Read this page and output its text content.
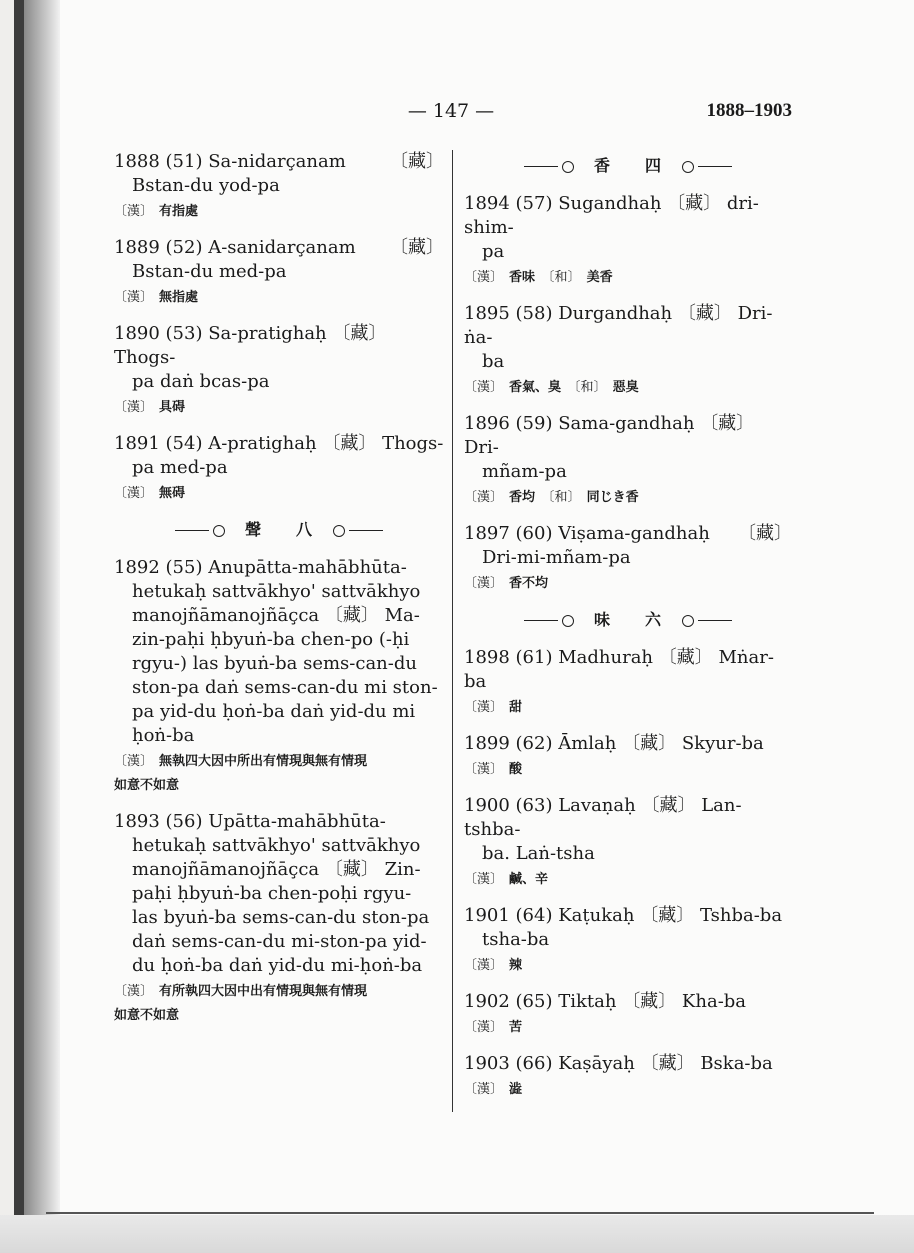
— 147 —	1888–1903
〔藏〕
1888 (51) Sa-nidarçanam
Bstan-du yod-pa
〔漢〕 有指處
〔藏〕
1889 (52) A-sanidarçanam
Bstan-du med-pa
〔漢〕 無指處
1890 (53) Sa-pratighaḥ 〔藏〕 Thogs-
pa daṅ bcas-pa
〔漢〕 具碍
1891 (54) A-pratighaḥ 〔藏〕 Thogs-
pa med-pa
〔漢〕 無碍
聲 八
1892 (55) Anupātta-mahābhūta-
hetukaḥ sattvākhyo' sattvākhyo
manojñāmanojñāçca 〔藏〕 Ma-
zin-paḥi ḥbyuṅ-ba chen-po (-ḥi
rgyu-) las byuṅ-ba sems-can-du
ston-pa daṅ sems-can-du mi ston-
pa yid-du ḥoṅ-ba daṅ yid-du mi
ḥoṅ-ba
〔漢〕 無執四大因中所出有情現與無有情現
如意不如意
1893 (56) Upātta-mahābhūta-
hetukaḥ sattvākhyo' sattvākhyo
manojñāmanojñāçca 〔藏〕 Zin-
paḥi ḥbyuṅ-ba chen-poḥi rgyu-
las byuṅ-ba sems-can-du ston-pa
daṅ sems-can-du mi-ston-pa yid-
du ḥoṅ-ba daṅ yid-du mi-ḥoṅ-ba
〔漢〕 有所執四大因中出有情現與無有情現
如意不如意
香 四
1894 (57) Sugandhaḥ 〔藏〕 dri-shim-
pa
〔漢〕 香味　 〔和〕 美香
1895 (58) Durgandhaḥ 〔藏〕 Dri-ṅa-
ba
〔漢〕 香氣、臭　 〔和〕 惡臭
1896 (59) Sama-gandhaḥ 〔藏〕 Dri-
mñam-pa
〔漢〕 香均　 〔和〕 同じき香
〔藏〕
1897 (60) Viṣama-gandhaḥ
Dri-mi-mñam-pa
〔漢〕 香不均
味 六
1898 (61) Madhuraḥ 〔藏〕 Mṅar-ba
〔漢〕 甜
1899 (62) Āmlaḥ 〔藏〕 Skyur-ba
〔漢〕 酸
1900 (63) Lavaṇaḥ 〔藏〕 Lan-tshba-
ba. Laṅ-tsha
〔漢〕 鹹、辛
1901 (64) Kaṭukaḥ 〔藏〕 Tshba-ba
tsha-ba
〔漢〕 辣
1902 (65) Tiktaḥ 〔藏〕 Kha-ba
〔漢〕 苦
1903 (66) Kaṣāyaḥ 〔藏〕 Bska-ba
〔漢〕 澁
